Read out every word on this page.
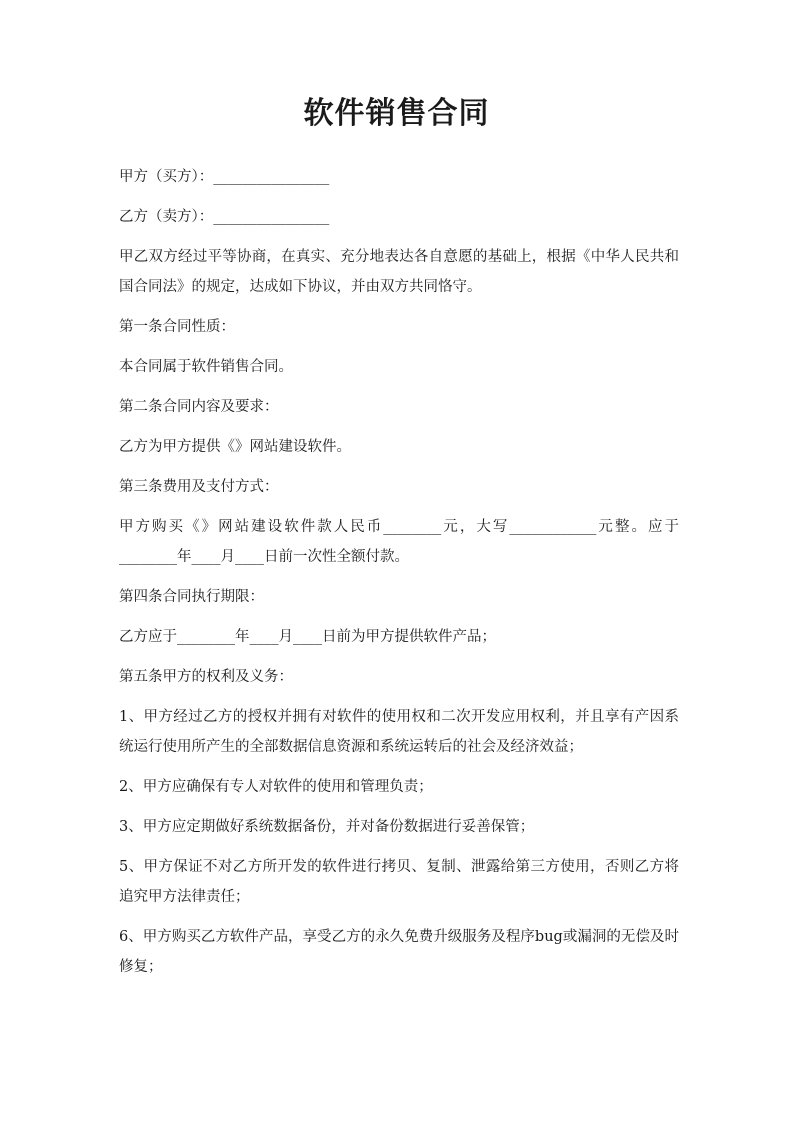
软件销售合同

甲方（买方）：________________

乙方（卖方）：________________

甲乙双方经过平等协商，在真实、充分地表达各自意愿的基础上，根据《中华人民共和国合同法》的规定，达成如下协议，并由双方共同恪守。

第一条合同性质：

本合同属于软件销售合同。

第二条合同内容及要求：

乙方为甲方提供《》网站建设软件。

第三条费用及支付方式：

甲方购买《》网站建设软件款人民币________元，大写____________元整。应于________年____月____日前一次性全额付款。

第四条合同执行期限：

乙方应于________年____月____日前为甲方提供软件产品；

第五条甲方的权利及义务：

1、甲方经过乙方的授权并拥有对软件的使用权和二次开发应用权利，并且享有产因系统运行使用所产生的全部数据信息资源和系统运转后的社会及经济效益；

2、甲方应确保有专人对软件的使用和管理负责；

3、甲方应定期做好系统数据备份，并对备份数据进行妥善保管；

5、甲方保证不对乙方所开发的软件进行拷贝、复制、泄露给第三方使用，否则乙方将追究甲方法律责任；

6、甲方购买乙方软件产品，享受乙方的永久免费升级服务及程序bug或漏洞的无偿及时修复；
